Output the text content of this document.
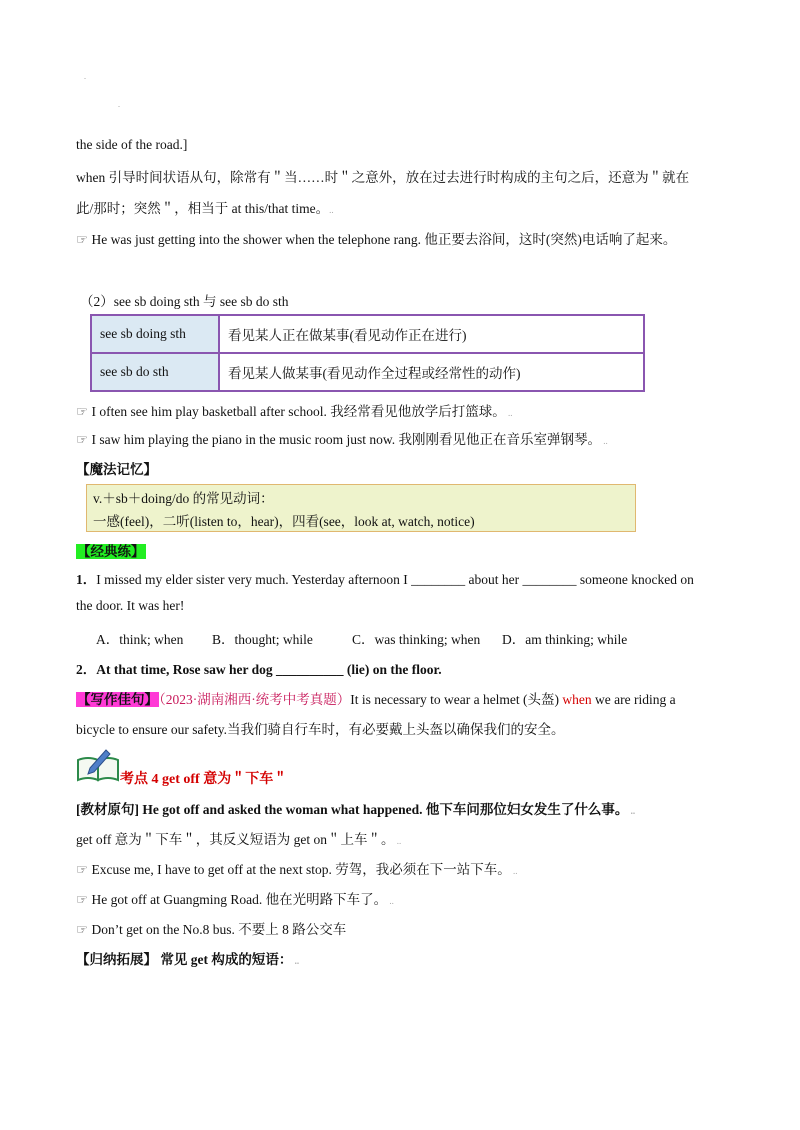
.
.
the side of the road.]
when 引导时间状语从句，除常有＂当……时＂之意外，放在过去进行时构成的主句之后，还意为＂就在
此/那时；突然＂，相当于 at this/that time。..
☞ He was just getting into the shower when the telephone rang. 他正要去浴间，这时(突然)电话响了起来。
（2）see sb doing sth 与 see sb do sth
see sb doing sth	看见某人正在做某事(看见动作正在进行)
see sb do sth	看见某人做某事(看见动作全过程或经常性的动作)
☞ I often see him play basketball after school. 我经常看见他放学后打篮球。 ..
☞ I saw him playing the piano in the music room just now. 我刚刚看见他正在音乐室弹钢琴。 ..
【魔法记忆】
v.＋sb＋doing/do 的常见动词：
一感(feel)，二听(listen to，hear)，四看(see，look at, watch, notice)
【经典练】
1．I missed my elder sister very much. Yesterday afternoon I ________ about her ________ someone knocked on
the door. It was her!
A．think; when B．thought; while	C．was thinking; when D．am thinking; while
2．At that time, Rose saw her dog __________ (lie) on the floor.
【写作佳句】（2023·湖南湘西·统考中考真题）It is necessary to wear a helmet (头盔) when we are riding a
bicycle to ensure our safety.当我们骑自行车时，有必要戴上头盔以确保我们的安全。
考点 4 get off 意为＂下车＂
[教材原句] He got off and asked the woman what happened. 他下车问那位妇女发生了什么事。 ..
get off 意为＂下车＂，其反义短语为 get on＂上车＂。 ..
☞ Excuse me, I have to get off at the next stop. 劳驾，我必须在下一站下车。 ..
☞ He got off at Guangming Road. 他在光明路下车了。 ..
☞ Don’t get on the No.8 bus. 不要上 8 路公交车
【归纳拓展】 常见 get 构成的短语： ..
